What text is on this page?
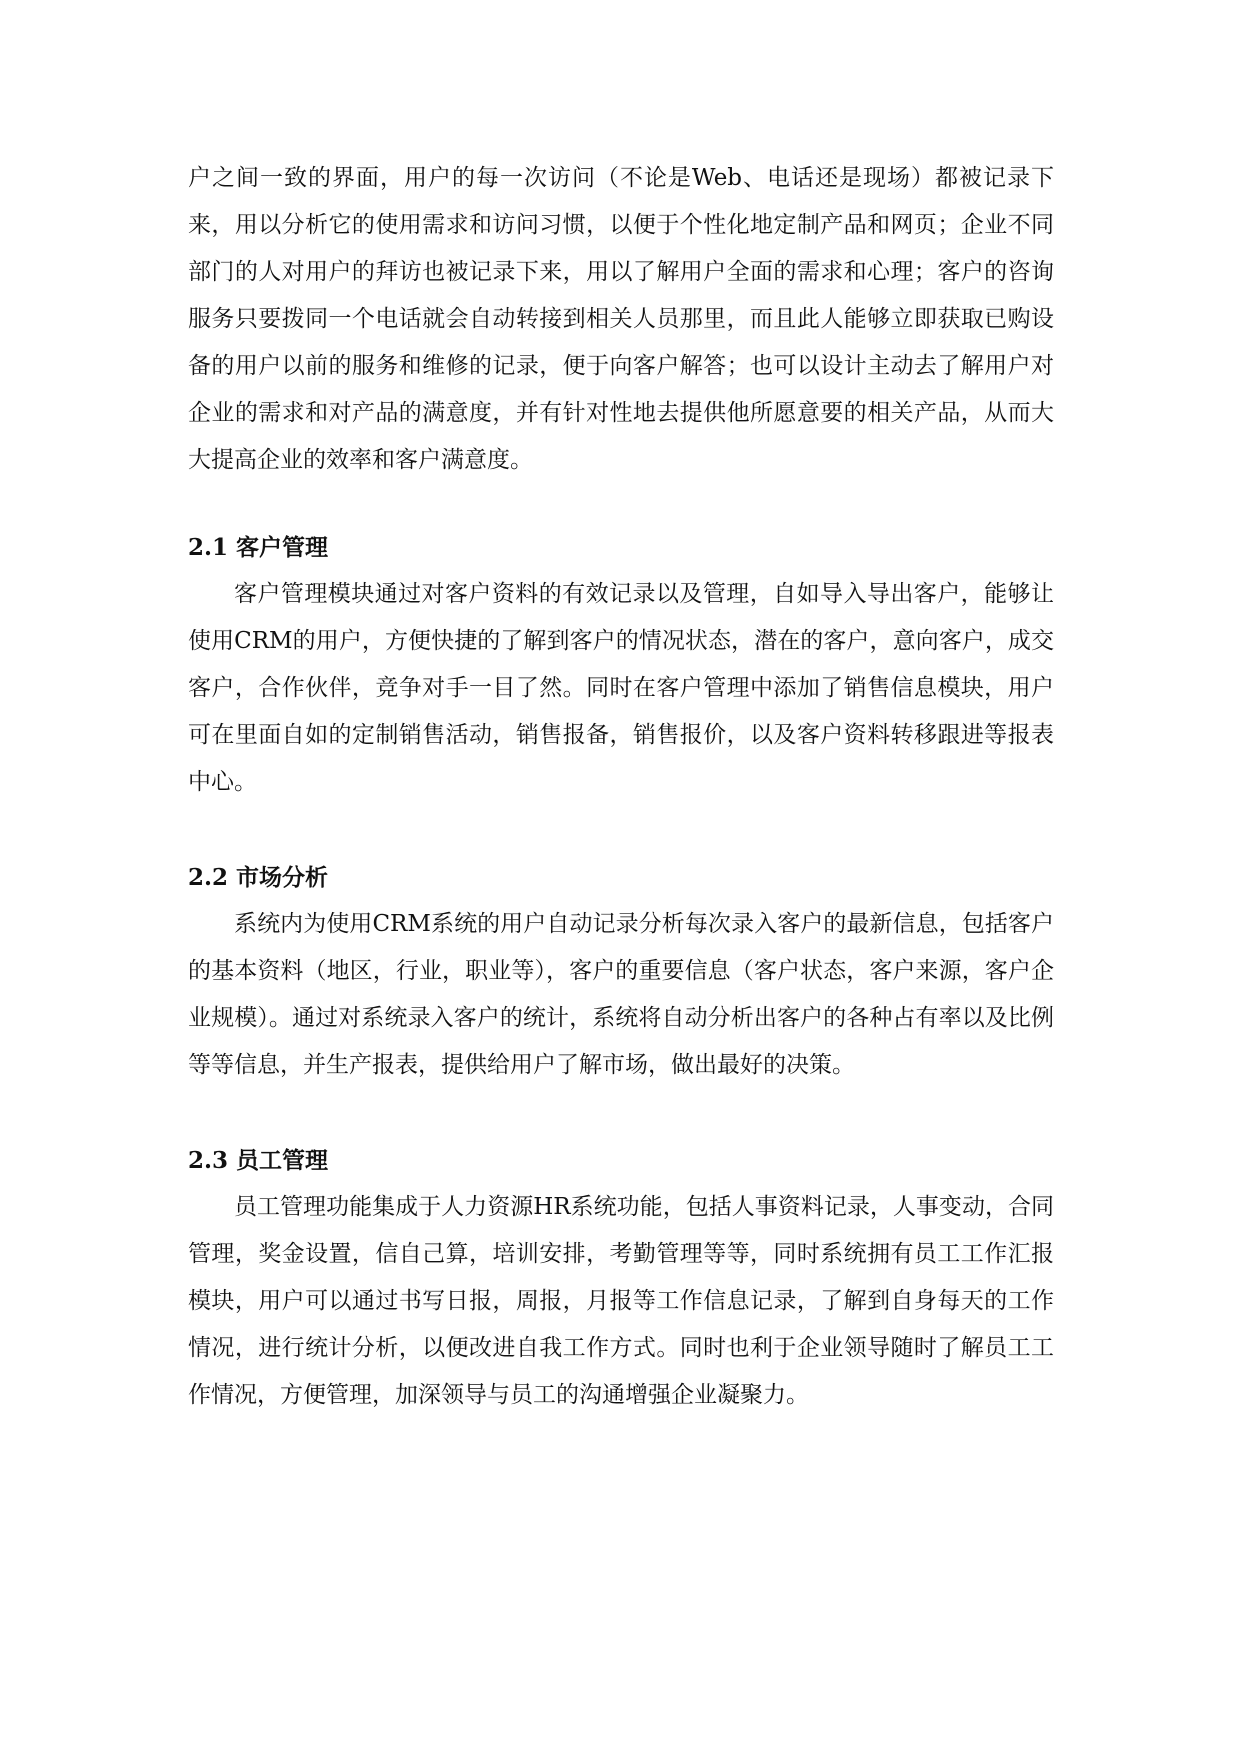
户之间一致的界面，用户的每一次访问（不论是Web、电话还是现场）都被记录下来，用以分析它的使用需求和访问习惯，以便于个性化地定制产品和网页；企业不同部门的人对用户的拜访也被记录下来，用以了解用户全面的需求和心理；客户的咨询服务只要拨同一个电话就会自动转接到相关人员那里，而且此人能够立即获取已购设备的用户以前的服务和维修的记录，便于向客户解答；也可以设计主动去了解用户对企业的需求和对产品的满意度，并有针对性地去提供他所愿意要的相关产品，从而大大提高企业的效率和客户满意度。

2.1 客户管理

客户管理模块通过对客户资料的有效记录以及管理，自如导入导出客户，能够让使用CRM的用户，方便快捷的了解到客户的情况状态，潜在的客户，意向客户，成交客户，合作伙伴，竞争对手一目了然。同时在客户管理中添加了销售信息模块，用户可在里面自如的定制销售活动，销售报备，销售报价，以及客户资料转移跟进等报表中心。

2.2 市场分析

系统内为使用CRM系统的用户自动记录分析每次录入客户的最新信息，包括客户的基本资料（地区，行业，职业等），客户的重要信息（客户状态，客户来源，客户企业规模）。通过对系统录入客户的统计，系统将自动分析出客户的各种占有率以及比例等等信息，并生产报表，提供给用户了解市场，做出最好的决策。

2.3 员工管理

员工管理功能集成于人力资源HR系统功能，包括人事资料记录，人事变动，合同管理，奖金设置，信自己算，培训安排，考勤管理等等，同时系统拥有员工工作汇报模块，用户可以通过书写日报，周报，月报等工作信息记录，了解到自身每天的工作情况，进行统计分析，以便改进自我工作方式。同时也利于企业领导随时了解员工工作情况，方便管理，加深领导与员工的沟通增强企业凝聚力。
